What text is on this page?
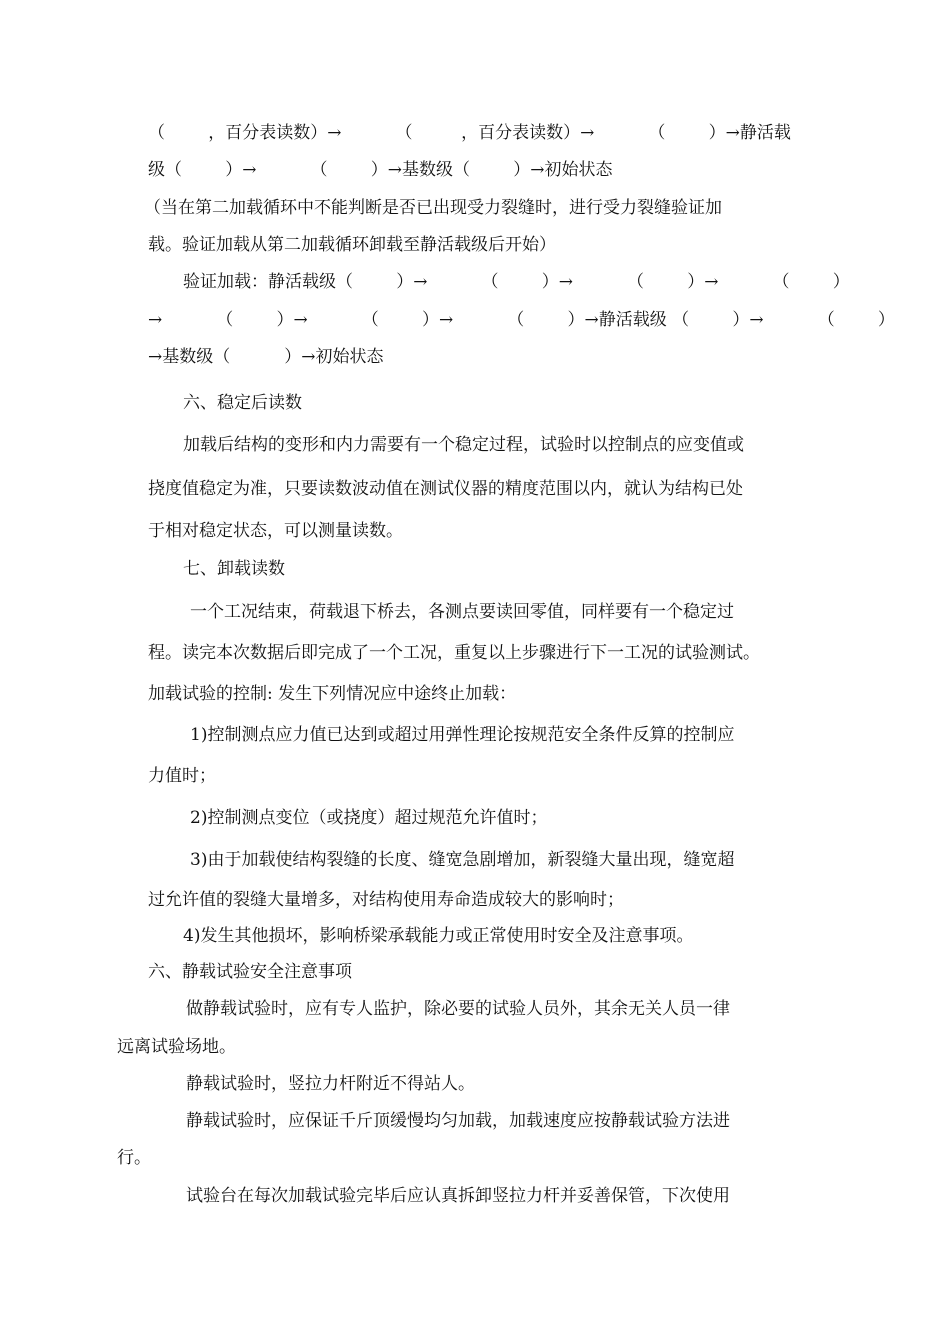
（        ，百分表读数）→          （         ，百分表读数）→          （        ）→静活载

级（        ）→          （        ）→基数级（        ）→初始状态

（当在第二加载循环中不能判断是否已出现受力裂缝时，进行受力裂缝验证加

载。验证加载从第二加载循环卸载至静活载级后开始）

验证加载：静活载级（        ）→          （        ）→          （        ）→          （        ）

→          （        ）→          （        ）→          （        ）→静活载级 （        ）→          （        ）

→基数级（          ）→初始状态

六、稳定后读数

加载后结构的变形和内力需要有一个稳定过程，试验时以控制点的应变值或

挠度值稳定为准，只要读数波动值在测试仪器的精度范围以内，就认为结构已处

于相对稳定状态，可以测量读数。

七、卸载读数

一个工况结束，荷载退下桥去，各测点要读回零值，同样要有一个稳定过

程。读完本次数据后即完成了一个工况，重复以上步骤进行下一工况的试验测试。

加载试验的控制: 发生下列情况应中途终止加载：

1)控制测点应力值已达到或超过用弹性理论按规范安全条件反算的控制应

力值时；

2)控制测点变位（或挠度）超过规范允许值时；

3)由于加载使结构裂缝的长度、缝宽急剧增加，新裂缝大量出现，缝宽超

过允许值的裂缝大量增多，对结构使用寿命造成较大的影响时；

4)发生其他损坏，影响桥梁承载能力或正常使用时安全及注意事项。

六、静载试验安全注意事项

做静载试验时，应有专人监护，除必要的试验人员外，其余无关人员一律

远离试验场地。

静载试验时，竖拉力杆附近不得站人。

静载试验时，应保证千斤顶缓慢均匀加载，加载速度应按静载试验方法进

行。

试验台在每次加载试验完毕后应认真拆卸竖拉力杆并妥善保管，下次使用
